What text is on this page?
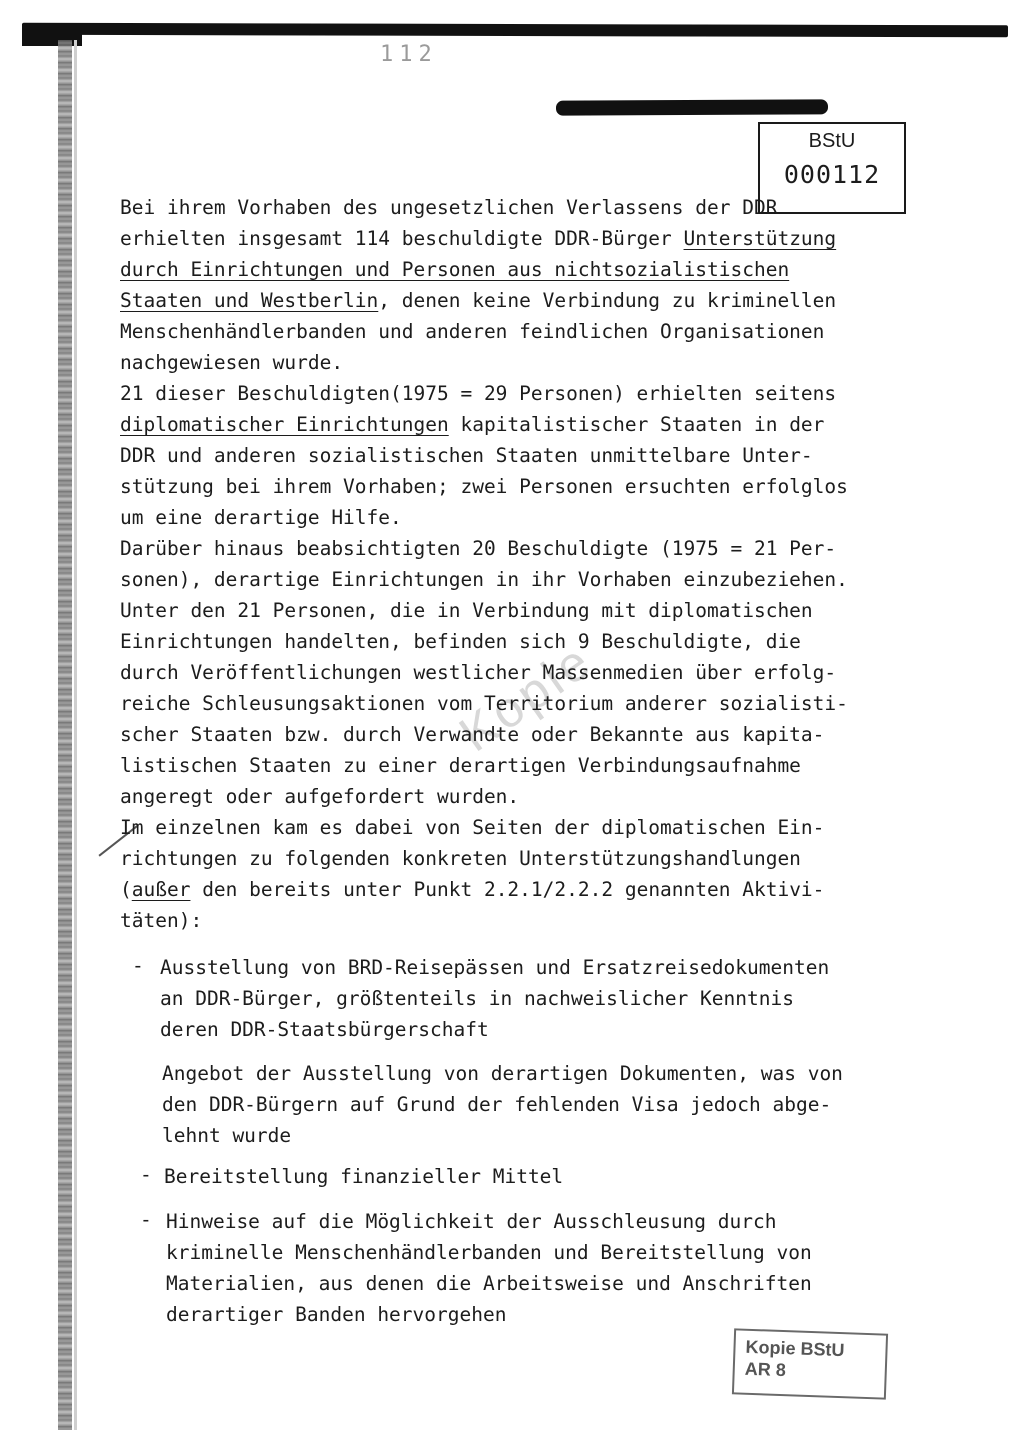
112
Kopie
BStU
000112
Bei ihrem Vorhaben des ungesetzlichen Verlassens der DDR
erhielten insgesamt 114 beschuldigte DDR-Bürger Unterstützung
durch Einrichtungen und Personen aus nichtsozialistischen
Staaten und Westberlin, denen keine Verbindung zu kriminellen
Menschenhändlerbanden und anderen feindlichen Organisationen
nachgewiesen wurde.
21 dieser Beschuldigten(1975 = 29 Personen) erhielten seitens
diplomatischer Einrichtungen kapitalistischer Staaten in der
DDR und anderen sozialistischen Staaten unmittelbare Unter-
stützung bei ihrem Vorhaben; zwei Personen ersuchten erfolglos
um eine derartige Hilfe.
Darüber hinaus beabsichtigten 20 Beschuldigte (1975 = 21 Per-
sonen), derartige Einrichtungen in ihr Vorhaben einzubeziehen.
Unter den 21 Personen, die in Verbindung mit diplomatischen
Einrichtungen handelten, befinden sich 9 Beschuldigte, die
durch Veröffentlichungen westlicher Massenmedien über erfolg-
reiche Schleusungsaktionen vom Territorium anderer sozialisti-
scher Staaten bzw. durch Verwandte oder Bekannte aus kapita-
listischen Staaten zu einer derartigen Verbindungsaufnahme
angeregt oder aufgefordert wurden.
Im einzelnen kam es dabei von Seiten der diplomatischen Ein-
richtungen zu folgenden konkreten Unterstützungshandlungen
(außer den bereits unter Punkt 2.2.1/2.2.2 genannten Aktivi-
täten):
- Ausstellung von BRD-Reisepässen und Ersatzreisedokumenten
an DDR-Bürger, größtenteils in nachweislicher Kenntnis
deren DDR-Staatsbürgerschaft
Angebot der Ausstellung von derartigen Dokumenten, was von
den DDR-Bürgern auf Grund der fehlenden Visa jedoch abge-
lehnt wurde
- Bereitstellung finanzieller Mittel
- Hinweise auf die Möglichkeit der Ausschleusung durch
kriminelle Menschenhändlerbanden und Bereitstellung von
Materialien, aus denen die Arbeitsweise und Anschriften
derartiger Banden hervorgehen
Kopie BStU
AR 8
